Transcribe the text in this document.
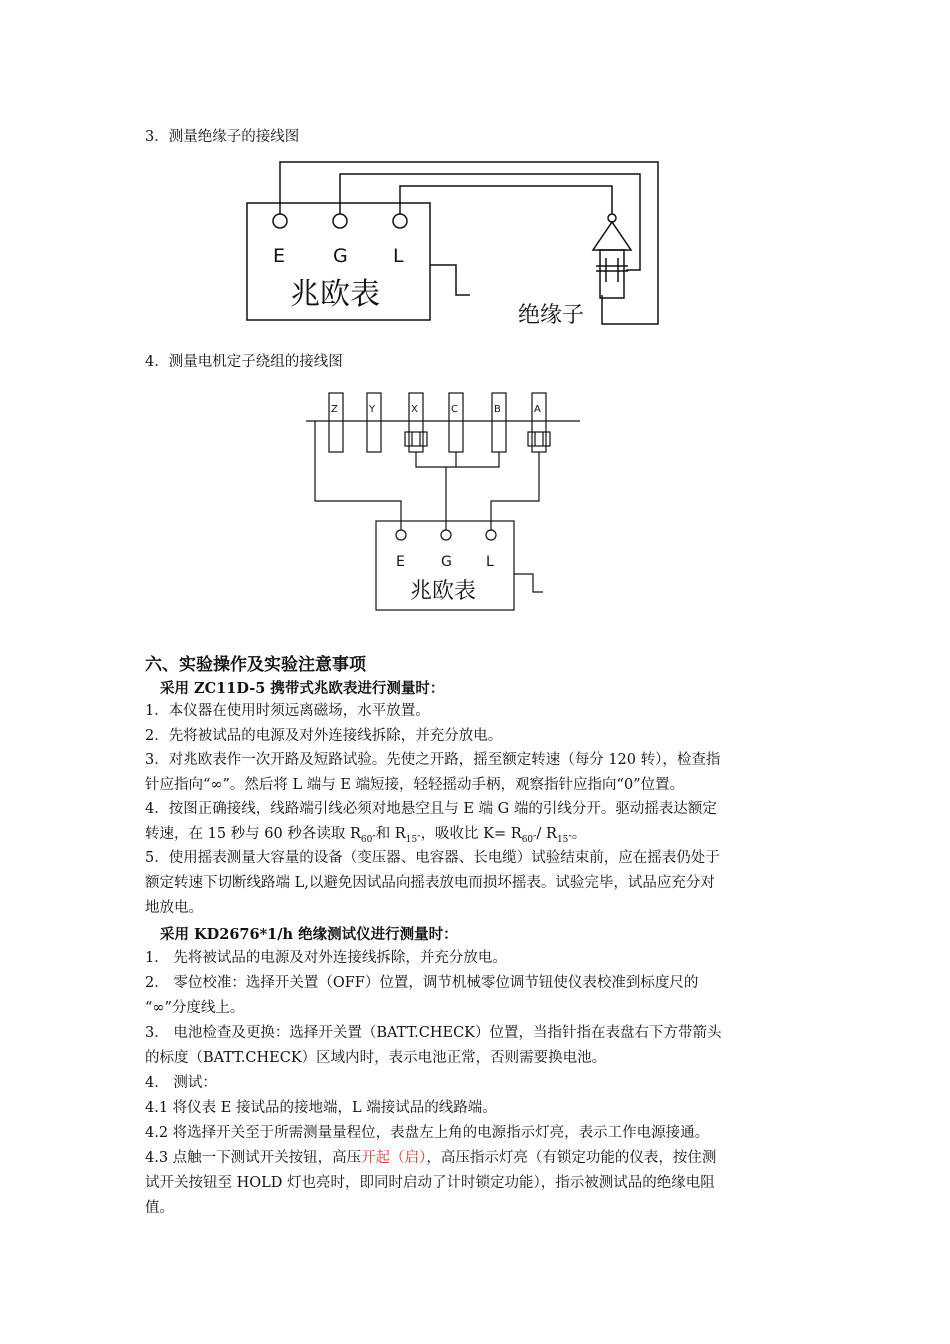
3．测量绝缘子的接线图
E	G L
兆欧表
绝缘子
4．测量电机定子绕组的接线图
Z	Y	X	C	B	A
E	G L
兆欧表
六、实验操作及实验注意事项
采用 ZC11D-5 携带式兆欧表进行测量时：
1．本仪器在使用时须远离磁场，水平放置。
2．先将被试品的电源及对外连接线拆除，并充分放电。
3．对兆欧表作一次开路及短路试验。先使之开路，摇至额定转速（每分 120 转），检查指
针应指向“∞”。然后将 L 端与 E 端短接，轻轻摇动手柄，观察指针应指向“0”位置。
4．按图正确接线，线路端引线必须对地悬空且与 E 端 G 端的引线分开。驱动摇表达额定
转速，在 15 秒与 60 秒各读取 $R_{60''}$和 $R_{15''}$，吸收比 $K= R_{60''}/$ $R_{15''}$。
5．使用摇表测量大容量的设备（变压器、电容器、长电缆）试验结束前，应在摇表仍处于
额定转速下切断线路端 L,以避免因试品向摇表放电而损坏摇表。试验完毕，试品应充分对
地放电。
采用 KD2676*1/h 绝缘测试仪进行测量时：
1． 先将被试品的电源及对外连接线拆除，并充分放电。
2． 零位校准：选择开关置（OFF）位置，调节机械零位调节钮使仪表校准到标度尺的
“∞”分度线上。
3． 电池检查及更换：选择开关置（BATT.CHECK）位置，当指针指在表盘右下方带箭头
的标度（BATT.CHECK）区域内时，表示电池正常，否则需要换电池。
4． 测试：
4.1 将仪表 E 接试品的接地端，L 端接试品的线路端。
4.2 将选择开关至于所需测量量程位，表盘左上角的电源指示灯亮，表示工作电源接通。
4.3 点触一下测试开关按钮，高压开起（启），高压指示灯亮（有锁定功能的仪表，按住测
试开关按钮至 HOLD 灯也亮时，即同时启动了计时锁定功能），指示被测试品的绝缘电阻
值。
